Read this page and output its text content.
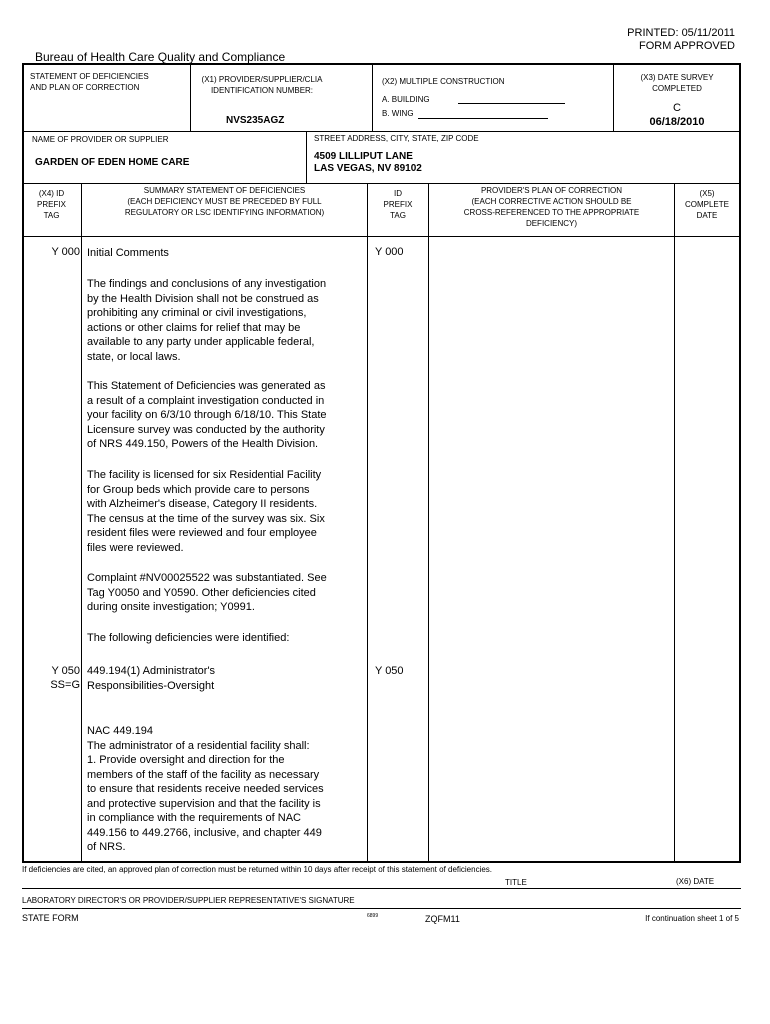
PRINTED: 05/11/2011
FORM APPROVED
Bureau of Health Care Quality and Compliance
STATEMENT OF DEFICIENCIES
AND PLAN OF CORRECTION
(X1) PROVIDER/SUPPLIER/CLIA
IDENTIFICATION NUMBER:
NVS235AGZ
(X2) MULTIPLE CONSTRUCTION
A. BUILDING
B. WING
(X3) DATE SURVEY
COMPLETED
C
06/18/2010
NAME OF PROVIDER OR SUPPLIER
GARDEN OF EDEN HOME CARE
STREET ADDRESS, CITY, STATE, ZIP CODE
4509 LILLIPUT LANE
LAS VEGAS, NV 89102
(X4) ID
PREFIX
TAG
SUMMARY STATEMENT OF DEFICIENCIES
(EACH DEFICIENCY MUST BE PRECEDED BY FULL
REGULATORY OR LSC IDENTIFYING INFORMATION)
ID
PREFIX
TAG
PROVIDER'S PLAN OF CORRECTION
(EACH CORRECTIVE ACTION SHOULD BE
CROSS-REFERENCED TO THE APPROPRIATE
DEFICIENCY)
(X5)
COMPLETE
DATE
Y 000	Y 000
Initial Comments
The findings and conclusions of any investigation
by the Health Division shall not be construed as
prohibiting any criminal or civil investigations,
actions or other claims for relief that may be
available to any party under applicable federal,
state, or local laws.
This Statement of Deficiencies was generated as
a result of a complaint investigation conducted in
your facility on 6/3/10 through 6/18/10. This State
Licensure survey was conducted by the authority
of NRS 449.150, Powers of the Health Division.
The facility is licensed for six Residential Facility
for Group beds which provide care to persons
with Alzheimer's disease, Category II residents.
The census at the time of the survey was six. Six
resident files were reviewed and four employee
files were reviewed.
Complaint #NV00025522 was substantiated. See
Tag Y0050 and Y0590. Other deficiencies cited
during onsite investigation; Y0991.
The following deficiencies were identified:
Y 050
SS=G
Y 050
449.194(1) Administrator's
Responsibilities-Oversight
NAC 449.194
The administrator of a residential facility shall:
1. Provide oversight and direction for the
members of the staff of the facility as necessary
to ensure that residents receive needed services
and protective supervision and that the facility is
in compliance with the requirements of NAC
449.156 to 449.2766, inclusive, and chapter 449
of NRS.
If deficiencies are cited, an approved plan of correction must be returned within 10 days after receipt of this statement of deficiencies.
TITLE	(X6) DATE
LABORATORY DIRECTOR'S OR PROVIDER/SUPPLIER REPRESENTATIVE'S SIGNATURE
STATE FORM	6899	ZQFM11	If continuation sheet 1 of 5
